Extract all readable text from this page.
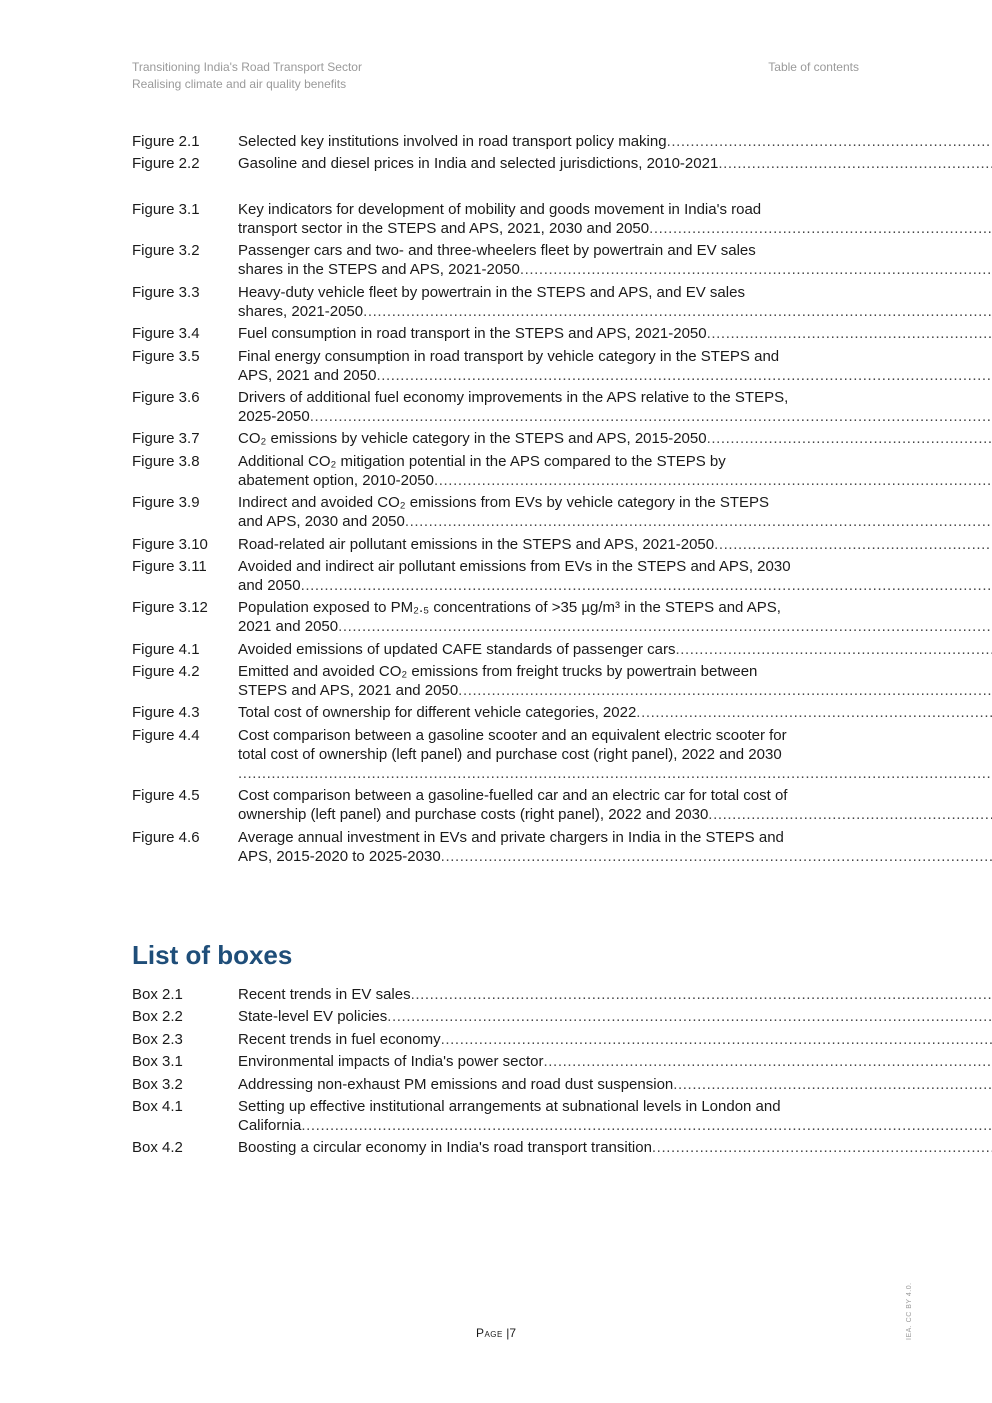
Transitioning India's Road Transport Sector
Realising climate and air quality benefits
Table of contents
Figure 2.1	Selected key institutions involved in road transport policy making
.....
Figure 2.2	Gasoline and diesel prices in India and selected jurisdictions, 2010-2021
.....
Figure 3.1	Key indicators for development of mobility and goods movement in India's road
transport sector in the STEPS and APS, 2021, 2030 and 2050
.....
Figure 3.2	Passenger cars and two- and three-wheelers fleet by powertrain and EV sales
shares in the STEPS and APS, 2021-2050
.....
Figure 3.3	Heavy-duty vehicle fleet by powertrain in the STEPS and APS, and EV sales
shares, 2021-2050
.....
Figure 3.4	Fuel consumption in road transport in the STEPS and APS, 2021-2050
.....
Figure 3.5	Final energy consumption in road transport by vehicle category in the STEPS and
APS, 2021 and 2050
.....
Figure 3.6	Drivers of additional fuel economy improvements in the APS relative to the STEPS,
2025-2050
.....
Figure 3.7	CO₂ emissions by vehicle category in the STEPS and APS, 2015-2050
.....
Figure 3.8	Additional CO₂ mitigation potential in the APS compared to the STEPS by
abatement option, 2010-2050
.....
Figure 3.9	Indirect and avoided CO₂ emissions from EVs by vehicle category in the STEPS
and APS, 2030 and 2050
.....
Figure 3.10	Road-related air pollutant emissions in the STEPS and APS, 2021-2050
.....
Figure 3.11	Avoided and indirect air pollutant emissions from EVs in the STEPS and APS, 2030
and 2050
.....
Figure 3.12	Population exposed to PM₂.₅ concentrations of >35 µg/m³ in the STEPS and APS,
2021 and 2050
.....
Figure 4.1	Avoided emissions of updated CAFE standards of passenger cars
.....
Figure 4.2	Emitted and avoided CO₂ emissions from freight trucks by powertrain between
STEPS and APS, 2021 and 2050
.....
Figure 4.3	Total cost of ownership for different vehicle categories, 2022
.....
Figure 4.4	Cost comparison between a gasoline scooter and an equivalent electric scooter for
total cost of ownership (left panel) and purchase cost (right panel), 2022 and 2030
.....
Figure 4.5	Cost comparison between a gasoline-fuelled car and an electric car for total cost of
ownership (left panel) and purchase costs (right panel), 2022 and 2030
.....
Figure 4.6	Average annual investment in EVs and private chargers in India in the STEPS and
APS, 2015-2020 to 2025-2030
.....
List of boxes
Box 2.1	Recent trends in EV sales
.....
Box 2.2	State-level EV policies
.....
Box 2.3	Recent trends in fuel economy
.....
Box 3.1	Environmental impacts of India's power sector
.....
Box 3.2	Addressing non-exhaust PM emissions and road dust suspension
.....
Box 4.1	Setting up effective institutional arrangements at subnational levels in London and
California
.....
Box 4.2	Boosting a circular economy in India's road transport transition
.....
Page |7	IEA. CC BY 4.0.
